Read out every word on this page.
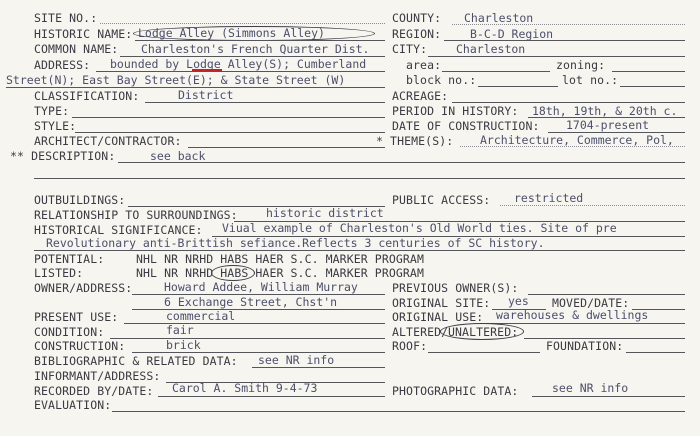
SITE NO.:
HISTORIC NAME: Lodge Alley (Simmons Alley)
COMMON NAME: Charleston's French Quarter Dist.
ADDRESS: bounded by Lodge Alley(S); Cumberland
Street(N); East Bay Street(E); & State Street (W)
CLASSIFICATION:	District
TYPE:
STYLE:
ARCHITECT/CONTRACTOR:
** DESCRIPTION:	see back
OUTBUILDINGS:
RELATIONSHIP TO SURROUNDINGS: historic district
HISTORICAL SIGNIFICANCE: Viual example of Charleston's Old World ties. Site of pre
Revolutionary anti-Brittish sefiance.Reflects 3 centuries of SC history.
POTENTIAL:	NHL NR NRHD HABS HAER S.C. MARKER PROGRAM
LISTED:	NHL NR NRHD HABS HAER S.C. MARKER PROGRAM
OWNER/ADDRESS:	Howard Addee, William Murray
6 Exchange Street, Chst'n
PRESENT USE:	commercial
CONDITION:	fair
CONSTRUCTION:	brick
BIBLIOGRAPHIC & RELATED DATA: see NR info
INFORMANT/ADDRESS:
RECORDED BY/DATE: Carol A. Smith 9-4-73
EVALUATION:
COUNTY: Charleston
REGION:	B-C-D Region
CITY:	Charleston
area:	zoning:
block no.:	lot no.:
ACREAGE:
PERIOD IN HISTORY: 18th, 19th, & 20th c.
DATE OF CONSTRUCTION: 1704-present
* THEME(S): Architecture, Commerce, Pol,
PUBLIC ACCESS: restricted
PREVIOUS OWNER(S):
ORIGINAL SITE: yes MOVED/DATE:
ORIGINAL USE: warehouses & dwellings
ALTERED/ UNALTERED:
ROOF:	FOUNDATION:
PHOTOGRAPHIC DATA:	see NR info
